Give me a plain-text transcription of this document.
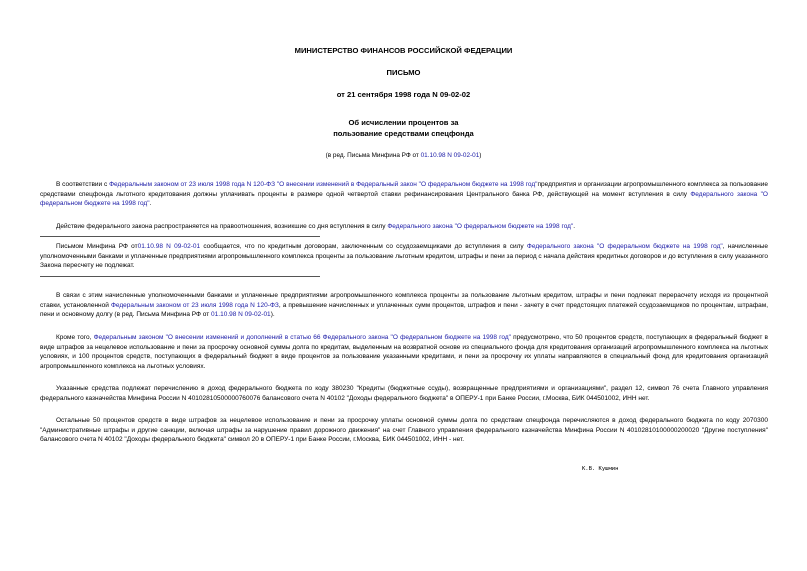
МИНИСТЕРСТВО ФИНАНСОВ РОССИЙСКОЙ ФЕДЕРАЦИИ
ПИСЬМО
от 21 сентября 1998 года N 09-02-02
Об исчислении процентов за
пользование средствами спецфонда
(в ред. Письма Минфина РФ от 01.10.98 N 09-02-01)
В соответствии с Федеральным законом от 23 июля 1998 года N 120-ФЗ "О внесении изменений в Федеральный закон "О федеральном бюджете на 1998 год"предприятия и организации агропромышленного комплекса за пользование средствами спецфонда льготного кредитования должны уплачивать проценты в размере одной четвертой ставки рефинансирования Центрального банка РФ, действующей на момент вступления в силу Федерального закона "О федеральном бюджете на 1998 год".
Действие федерального закона распространяется на правоотношения, возникшие со дня вступления в силу Федерального закона "О федеральном бюджете на 1998 год".
Письмом Минфина РФ от01.10.98 N 09-02-01 сообщается, что по кредитным договорам, заключенным со ссудозаемщиками до вступления в силу Федерального закона "О федеральном бюджете на 1998 год", начисленные уполномоченными банками и уплаченные предприятиями агропромышленного комплекса проценты за пользование льготным кредитом, штрафы и пени за период с начала действия кредитных договоров и до вступления в силу указанного Закона пересчету не подлежат.
В связи с этим начисленные уполномоченными банками и уплаченные предприятиями агропромышленного комплекса проценты за пользование льготным кредитом, штрафы и пени подлежат перерасчету исходя из процентной ставки, установленной Федеральным законом от 23 июля 1998 года N 120-ФЗ, а превышение начисленных и уплаченных сумм процентов, штрафов и пени - зачету в счет предстоящих платежей ссудозаемщиков по процентам, штрафам, пени и основному долгу (в ред. Письма Минфина РФ от 01.10.98 N 09-02-01).
Кроме того, Федеральным законом "О внесении изменений и дополнений в статью 66 Федерального закона "О федеральном бюджете на 1998 год" предусмотрено, что 50 процентов средств, поступающих в федеральный бюджет в виде штрафов за нецелевое использование и пени за просрочку основной суммы долга по кредитам, выделенным на возвратной основе из специального фонда для кредитования организаций агропромышленного комплекса на льготных условиях, и 100 процентов средств, поступающих в федеральный бюджет в виде процентов за пользование указанными кредитами, и пени за просрочку их уплаты направляются в специальный фонд для кредитования организаций агропромышленного комплекса на льготных условиях.
Указанные средства подлежат перечислению в доход федерального бюджета по коду 380230 "Кредиты (бюджетные ссуды), возвращенные предприятиями и организациями", раздел 12, символ 76 счета Главного управления федерального казначейства Минфина России N 40102810500000760076 балансового счета N 40102 "Доходы федерального бюджета" в ОПЕРУ-1 при Банке России, г.Москва, БИК 044501002, ИНН нет.
Остальные 50 процентов средств в виде штрафов за нецелевое использование и пени за просрочку уплаты основной суммы долга по средствам спецфонда перечисляются в доход федерального бюджета по коду 2070300 "Административные штрафы и другие санкции, включая штрафы за нарушение правил дорожного движения" на счет Главного управления федерального казначейства Минфина России N 40102810100000200020 "Другие поступления" балансового счета N 40102 "Доходы федерального бюджета" символ 20 в ОПЕРУ-1 при Банке России, г.Москва, БИК 044501002, ИНН - нет.
К.В. Кушмин
